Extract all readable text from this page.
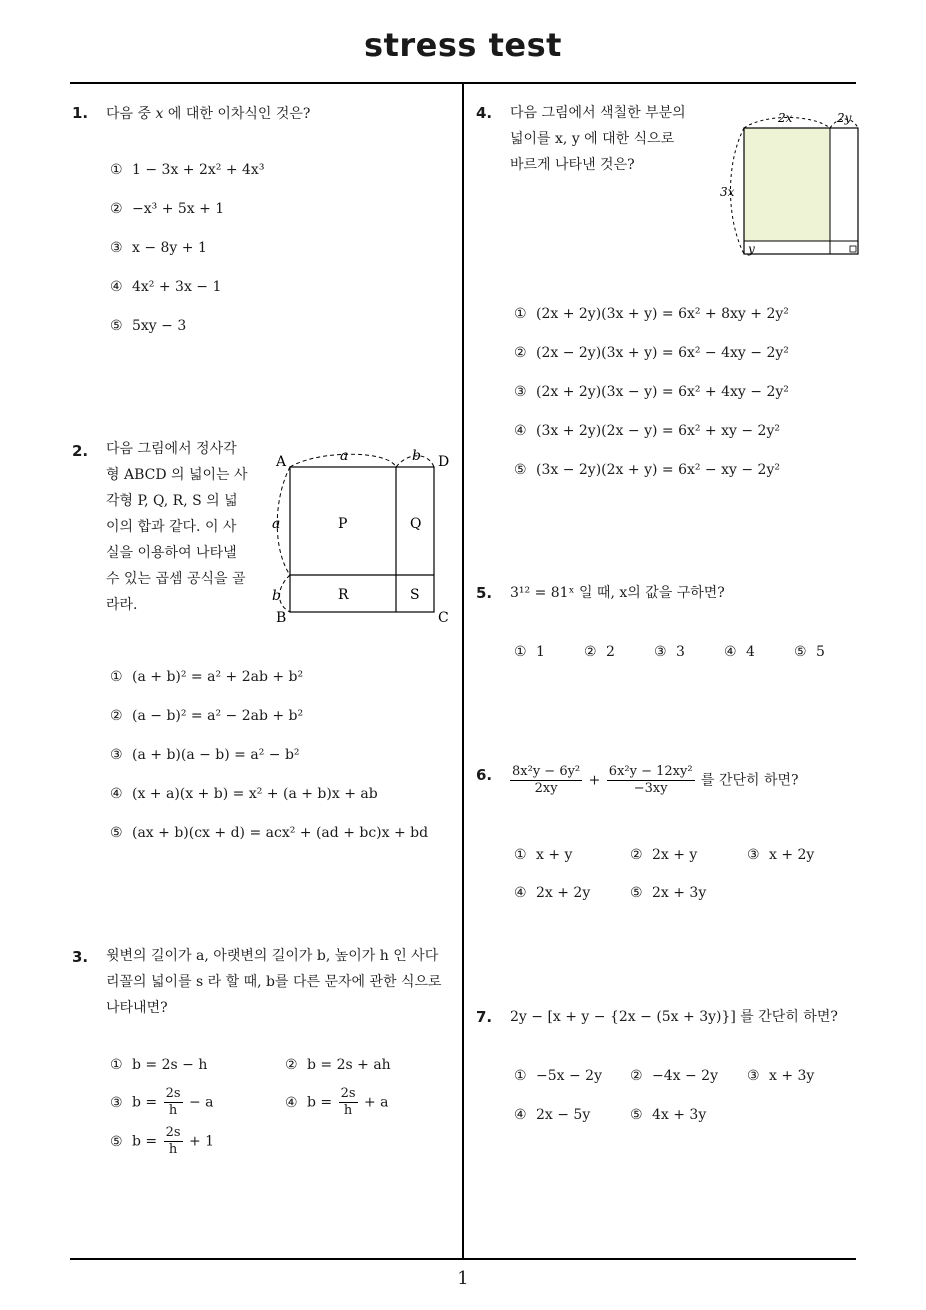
stress test
1
1. 다음 중 x 에 대한 이차식인 것은?
① 1 − 3x + 2x² + 4x³
② −x³ + 5x + 1
③ x − 8y + 1
④ 4x² + 3x − 1
⑤ 5xy − 3
2. 다음 그림에서 정사각
형 ABCD 의 넓이는 사
각형 P, Q, R, S 의 넓
이의 합과 같다. 이 사
실을 이용하여 나타낼
수 있는 곱셈 공식을 골
라라.
A	D
B	C
a	b
a
b
P	Q
R	S
① (a + b)² = a² + 2ab + b²
② (a − b)² = a² − 2ab + b²
③ (a + b)(a − b) = a² − b²
④ (x + a)(x + b) = x² + (a + b)x + ab
⑤ (ax + b)(cx + d) = acx² + (ad + bc)x + bd
3. 윗변의 길이가 a, 아랫변의 길이가 b, 높이가 h 인 사다
리꼴의 넓이를 s 라 할 때, b를 다른 문자에 관한 식으로
나타내면?
① b = 2s − h	② b = 2s + ah
③ $b = \frac{2s}{h} - a$	④ $b = \frac{2s}{h} + a$
⑤ $b = \frac{2s}{h} + 1$
4. 다음 그림에서 색칠한 부분의
넓이를 x, y 에 대한 식으로
바르게 나타낸 것은?
2x	2y
3x
y
① (2x + 2y)(3x + y) = 6x² + 8xy + 2y²
② (2x − 2y)(3x + y) = 6x² − 4xy − 2y²
③ (2x + 2y)(3x − y) = 6x² + 4xy − 2y²
④ (3x + 2y)(2x − y) = 6x² + xy − 2y²
⑤ (3x − 2y)(2x + y) = 6x² − xy − 2y²
5. 3¹² = 81ˣ 일 때, x의 값을 구하면?
① 1	② 2	③ 3	④ 4	⑤ 5
6. $\frac{\text{8x²y − 6y²}}{2xy} + \frac{\text{6x²y − 12xy²}}{-3xy}$ 를 간단히 하면?
① x + y	② 2x + y	③ x + 2y
④ 2x + 2y	⑤ 2x + 3y
7. 2y − [x + y − {2x − (5x + 3y)}] 를 간단히 하면?
① −5x − 2y ② −4x − 2y ③ x + 3y
④ 2x − 5y	⑤ 4x + 3y
